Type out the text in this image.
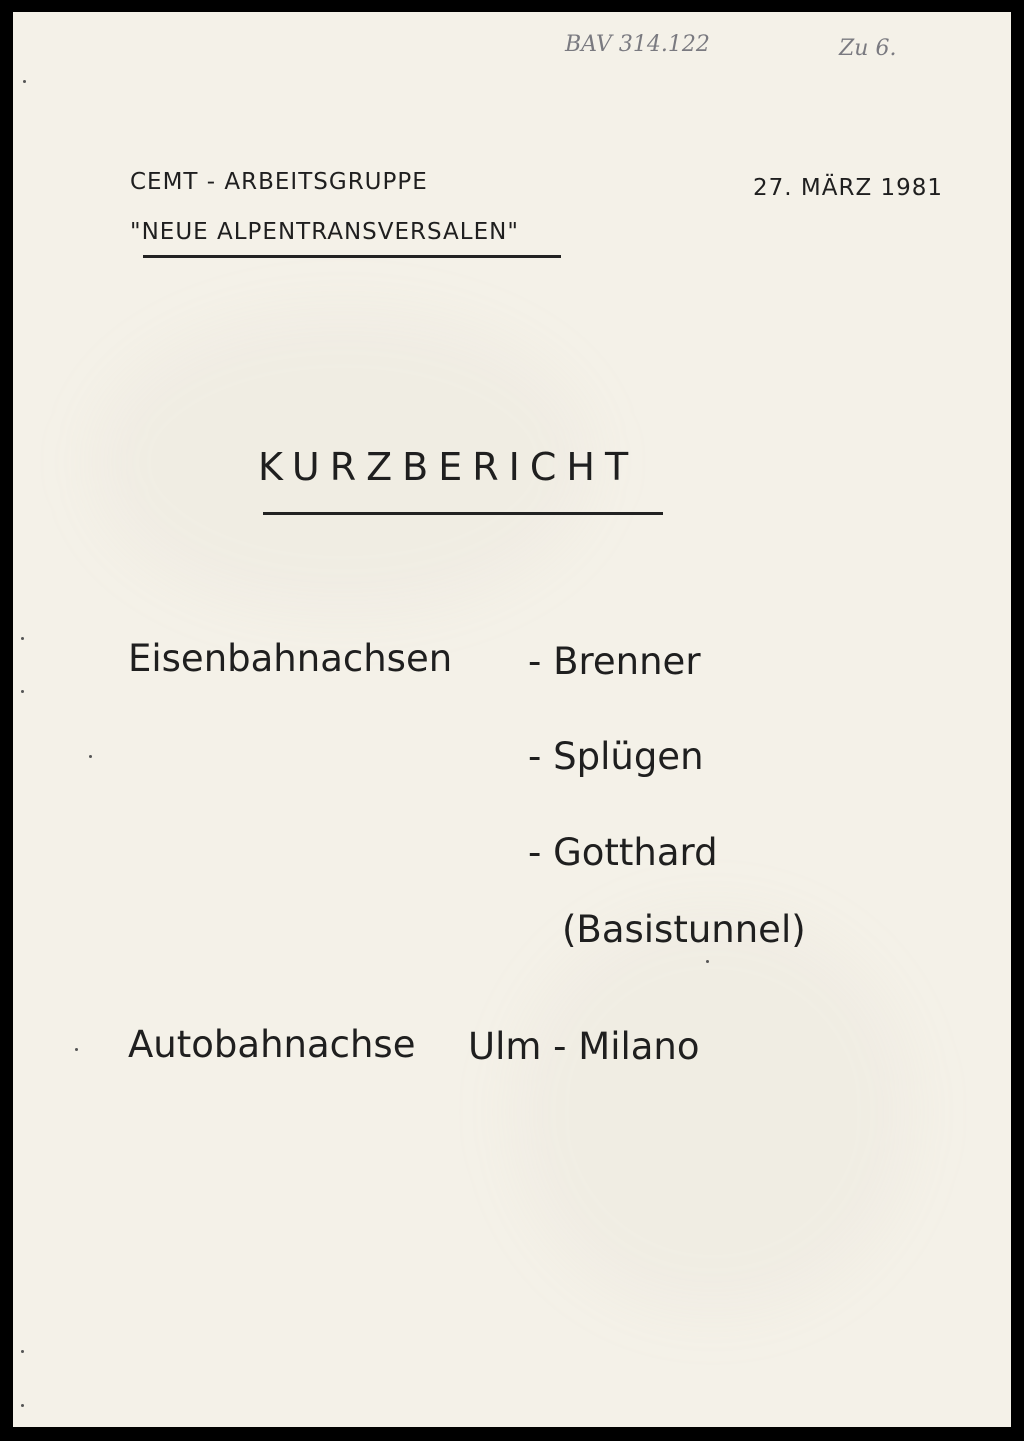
BAV 314.122	Zu 6.
CEMT - ARBEITSGRUPPE
"NEUE ALPENTRANSVERSALEN"
27. MÄRZ 1981
KURZBERICHT
Eisenbahnachsen - Brenner
- Splügen
- Gotthard
(Basistunnel)
Autobahnachse Ulm - Milano
